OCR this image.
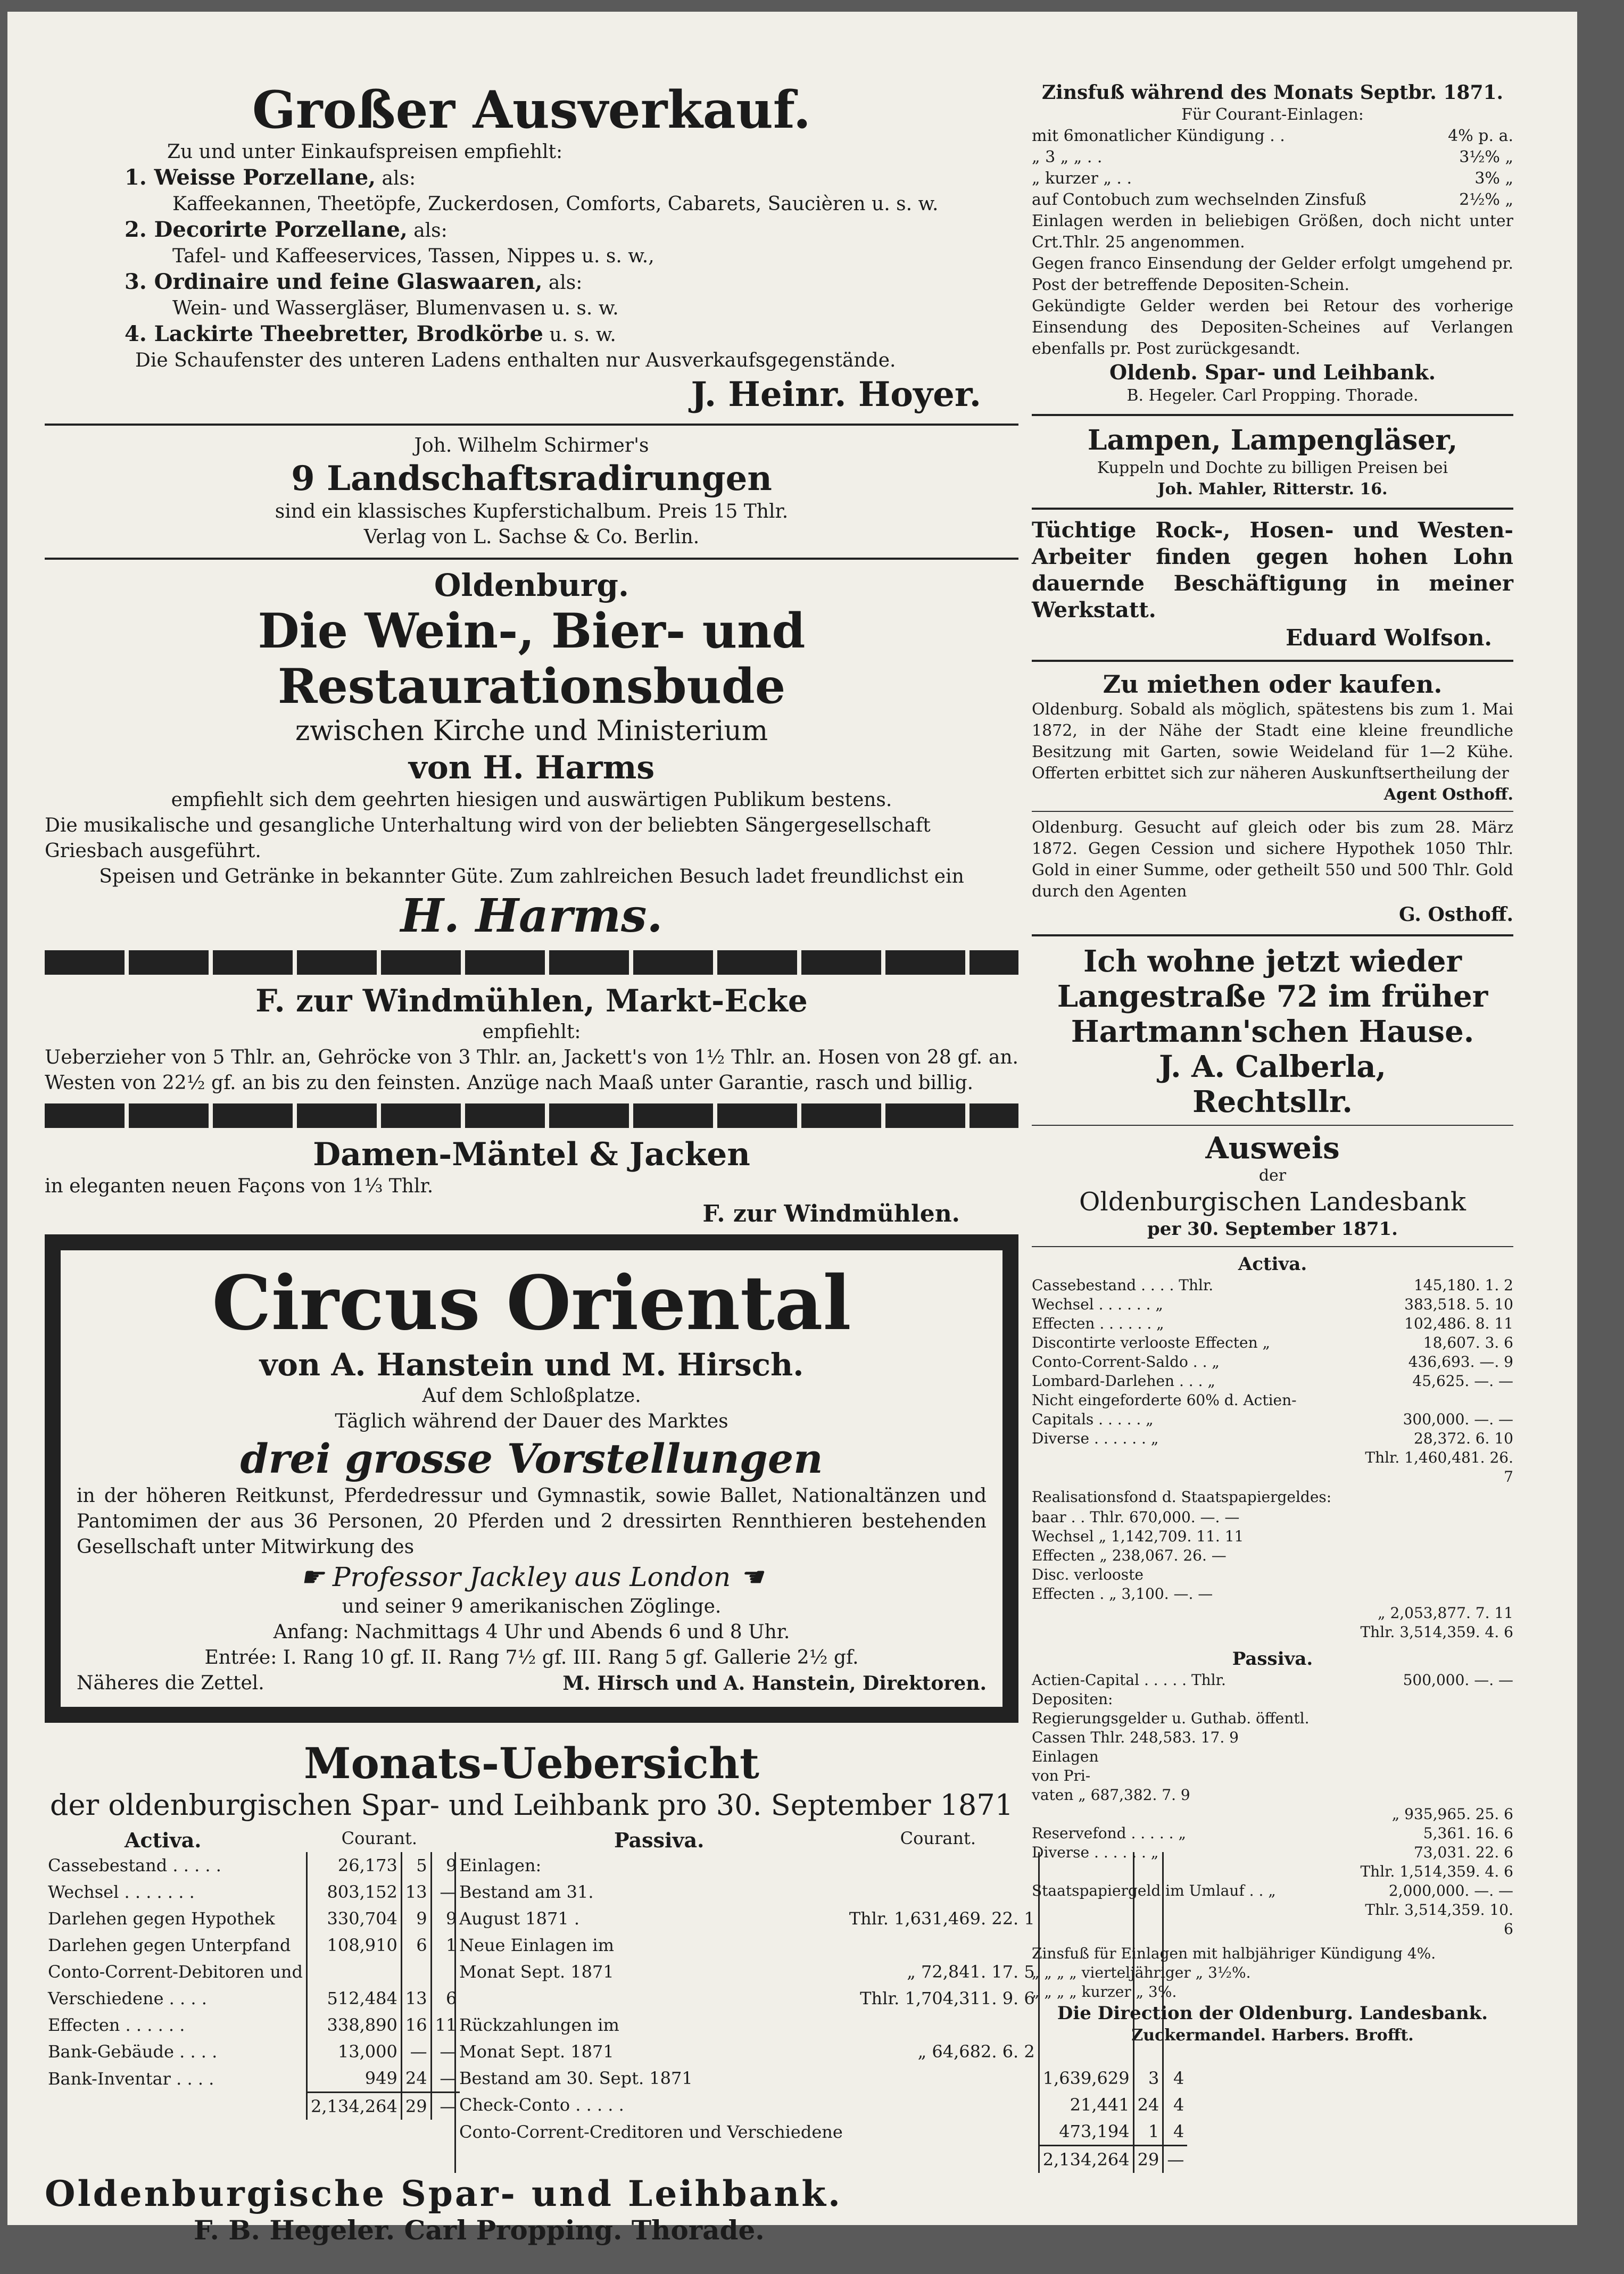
Großer Ausverkauf.
Zu und unter Einkaufspreisen empfiehlt:
1. Weisse Porzellane, als:
Kaffeekannen, Theetöpfe, Zuckerdosen, Comforts, Cabarets, Saucièren u. s. w.
2. Decorirte Porzellane, als:
Tafel- und Kaffeeservices, Tassen, Nippes u. s. w.,
3. Ordinaire und feine Glaswaaren, als:
Wein- und Wassergläser, Blumenvasen u. s. w.
4. Lackirte Theebretter, Brodkörbe u. s. w.
Die Schaufenster des unteren Ladens enthalten nur Ausverkaufsgegenstände.
J. Heinr. Hoyer.
Joh. Wilhelm Schirmer's
9 Landschaftsradirungen
sind ein klassisches Kupferstichalbum. Preis 15 Thlr.
Verlag von L. Sachse & Co. Berlin.
Oldenburg.
Die Wein-, Bier- und Restaurationsbude
zwischen Kirche und Ministerium
von H. Harms
empfiehlt sich dem geehrten hiesigen und auswärtigen Publikum bestens.
Die musikalische und gesangliche Unterhaltung wird von der beliebten Sängergesellschaft Griesbach ausgeführt.
Speisen und Getränke in bekannter Güte. Zum zahlreichen Besuch ladet freundlichst ein
H. Harms.
F. zur Windmühlen, Markt-Ecke
empfiehlt:
Ueberzieher von 5 Thlr. an, Gehröcke von 3 Thlr. an, Jackett's von 1½ Thlr. an. Hosen von 28 gf. an. Westen von 22½ gf. an bis zu den feinsten. Anzüge nach Maaß unter Garantie, rasch und billig.
Damen-Mäntel & Jacken
in eleganten neuen Façons von 1⅓ Thlr.
F. zur Windmühlen.
Circus Oriental
von A. Hanstein und M. Hirsch.
Auf dem Schloßplatze.
Täglich während der Dauer des Marktes
drei grosse Vorstellungen
in der höheren Reitkunst, Pferdedressur und Gymnastik, sowie Ballet, Nationaltänzen und Pantomimen der aus 36 Personen, 20 Pferden und 2 dressirten Rennthieren bestehenden Gesellschaft unter Mitwirkung des
☛ Professor Jackley aus London ☚
und seiner 9 amerikanischen Zöglinge.
Anfang: Nachmittags 4 Uhr und Abends 6 und 8 Uhr.
Entrée: I. Rang 10 gf. II. Rang 7½ gf. III. Rang 5 gf. Gallerie 2½ gf.
Näheres die Zettel.	M. Hirsch und A. Hanstein, Direktoren.
Monats-Uebersicht
der oldenburgischen Spar- und Leihbank pro 30. September 1871
Activa.	Courant.
Cassebestand . . . . .	26,173	5	9
Wechsel . . . . . . .	803,152	13	—
Darlehen gegen Hypothek	330,704	9	9
Darlehen gegen Unterpfand	108,910	6	1
Conto-Corrent-Debitoren und			
Verschiedene . . . .	512,484	13	6
Effecten . . . . . .	338,890	16	11
Bank-Gebäude . . . .	13,000	—	—
Bank-Inventar . . . .	949	24	—
	2,134,264	29	—
Passiva.	Courant.
Einlagen:				
Bestand am 31.				
August 1871 .	Thlr. 1,631,469. 22. 1			
Neue Einlagen im				
Monat Sept. 1871	„ 72,841. 17. 5			
	Thlr. 1,704,311. 9. 6			
Rückzahlungen im				
Monat Sept. 1871	„ 64,682. 6. 2			
Bestand am 30. Sept. 1871		1,639,629	3	4
Check-Conto . . . . .		21,441	24	4
Conto-Corrent-Creditoren und Verschiedene		473,194	1	4
		2,134,264	29	—
Oldenburgische Spar- und Leihbank.
F. B. Hegeler. Carl Propping. Thorade.
Zinsfuß während des Monats Septbr. 1871.
Für Courant-Einlagen:
mit 6monatlicher Kündigung . .	4% p. a.
„ 3 „ „ . .	3½% „
„ kurzer „ . .	3% „
auf Contobuch zum wechselnden Zinsfuß	2½% „
Einlagen werden in beliebigen Größen, doch nicht unter Crt.Thlr. 25 angenommen.
Gegen franco Einsendung der Gelder erfolgt umgehend pr. Post der betreffende Depositen-Schein.
Gekündigte Gelder werden bei Retour des vorherige Einsendung des Depositen-Scheines auf Verlangen ebenfalls pr. Post zurückgesandt.
Oldenb. Spar- und Leihbank.
B. Hegeler. Carl Propping. Thorade.
Lampen, Lampengläser,
Kuppeln und Dochte zu billigen Preisen bei
Joh. Mahler, Ritterstr. 16.
Tüchtige Rock-, Hosen- und Westen-Arbeiter finden gegen hohen Lohn dauernde Beschäftigung in meiner Werkstatt.
Eduard Wolfson.
Zu miethen oder kaufen.
Oldenburg. Sobald als möglich, spätestens bis zum 1. Mai 1872, in der Nähe der Stadt eine kleine freundliche Besitzung mit Garten, sowie Weideland für 1—2 Kühe. Offerten erbittet sich zur näheren Auskunftsertheilung der
Agent Osthoff.
Oldenburg. Gesucht auf gleich oder bis zum 28. März 1872. Gegen Cession und sichere Hypothek 1050 Thlr. Gold in einer Summe, oder getheilt 550 und 500 Thlr. Gold durch den Agenten
G. Osthoff.
Ich wohne jetzt wieder
Langestraße 72 im früher
Hartmann'schen Hause.
J. A. Calberla,
Rechtsllr.
Ausweis
der
Oldenburgischen Landesbank
per 30. September 1871.
Activa.
Cassebestand . . . . Thlr.	145,180. 1. 2
Wechsel . . . . . . „	383,518. 5. 10
Effecten . . . . . . „	102,486. 8. 11
Discontirte verlooste Effecten „	18,607. 3. 6
Conto-Corrent-Saldo . . „	436,693. —. 9
Lombard-Darlehen . . . „	45,625. —. —
Nicht eingeforderte 60% d. Actien-
Capitals . . . . . „	300,000. —. —
Diverse . . . . . . „	28,372. 6. 10
Thlr. 1,460,481. 26. 7
Realisationsfond d. Staatspapiergeldes:
baar . . Thlr. 670,000. —. —
Wechsel „ 1,142,709. 11. 11
Effecten „ 238,067. 26. —
Disc. verlooste
Effecten . „ 3,100. —. —
„ 2,053,877. 7. 11
Thlr. 3,514,359. 4. 6
Passiva.
Actien-Capital . . . . . Thlr.	500,000. —. —
Depositen:
Regierungsgelder u. Guthab. öffentl.
Cassen Thlr. 248,583. 17. 9
Einlagen
von Pri-
vaten „ 687,382. 7. 9
„ 935,965. 25. 6
Reservefond . . . . . „	5,361. 16. 6
Diverse . . . . . . „	73,031. 22. 6
Thlr. 1,514,359. 4. 6
Staatspapiergeld im Umlauf . . „	2,000,000. —. —
Thlr. 3,514,359. 10. 6
Zinsfuß für Einlagen mit halbjähriger Kündigung 4%.
„ „ „ „ vierteljähriger „ 3½%.
„ „ „ „ kurzer „ 3%.
Die Direction der Oldenburg. Landesbank.
Zuckermandel. Harbers. Brofft.
